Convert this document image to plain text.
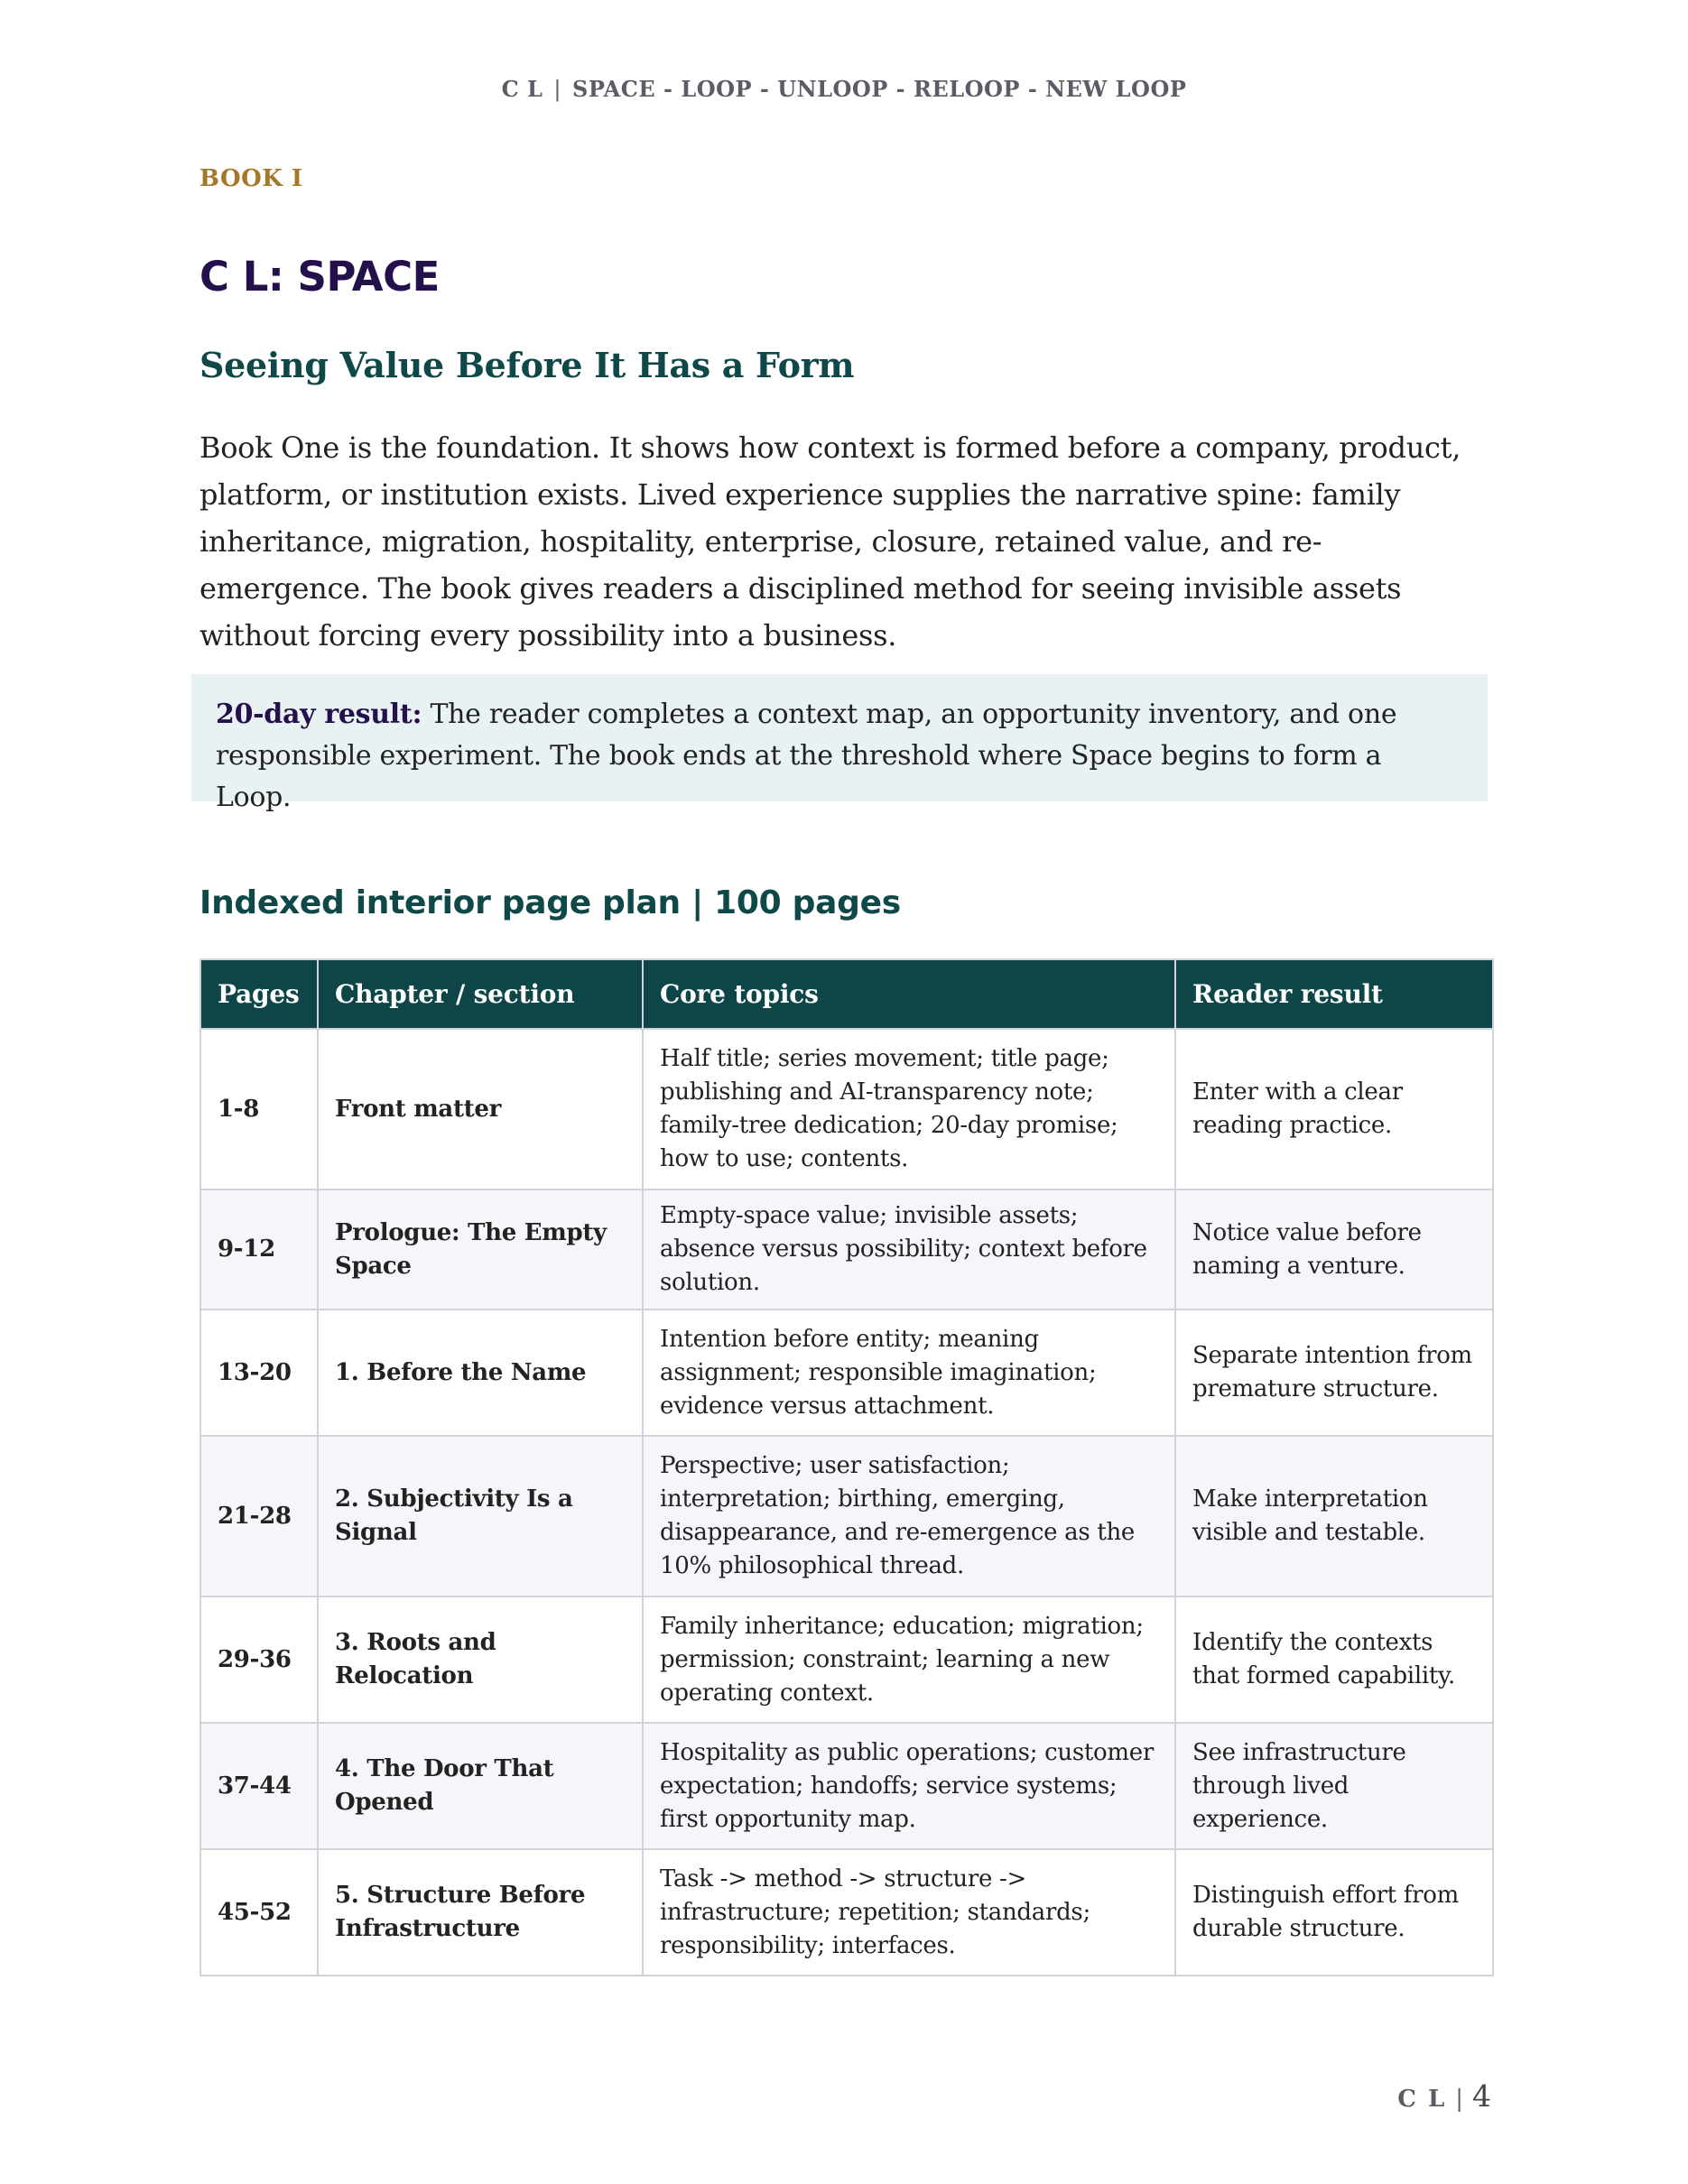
C L | SPACE - LOOP - UNLOOP - RELOOP - NEW LOOP
BOOK I
C L: SPACE
Seeing Value Before It Has a Form
Book One is the foundation. It shows how context is formed before a company, product, platform, or institution exists. Lived experience supplies the narrative spine: family inheritance, migration, hospitality, enterprise, closure, retained value, and re-emergence. The book gives readers a disciplined method for seeing invisible assets without forcing every possibility into a business.
20-day result: The reader completes a context map, an opportunity inventory, and one responsible experiment. The book ends at the threshold where Space begins to form a Loop.
Indexed interior page plan | 100 pages
Pages	Chapter / section	Core topics	Reader result
1-8	Front matter	Half title; series movement; title page; publishing and AI-transparency note; family-tree dedication; 20-day promise; how to use; contents.	Enter with a clear reading practice.
9-12	Prologue: The Empty Space	Empty-space value; invisible assets; absence versus possibility; context before solution.	Notice value before naming a venture.
13-20	1. Before the Name	Intention before entity; meaning assignment; responsible imagination; evidence versus attachment.	Separate intention from premature structure.
21-28	2. Subjectivity Is a Signal	Perspective; user satisfaction; interpretation; birthing, emerging, disappearance, and re-emergence as the 10% philosophical thread.	Make interpretation visible and testable.
29-36	3. Roots and Relocation	Family inheritance; education; migration; permission; constraint; learning a new operating context.	Identify the contexts that formed capability.
37-44	4. The Door That Opened	Hospitality as public operations; customer expectation; handoffs; service systems; first opportunity map.	See infrastructure through lived experience.
45-52	5. Structure Before Infrastructure	Task -> method -> structure -> infrastructure; repetition; standards; responsibility; interfaces.	Distinguish effort from durable structure.
C L | 4
